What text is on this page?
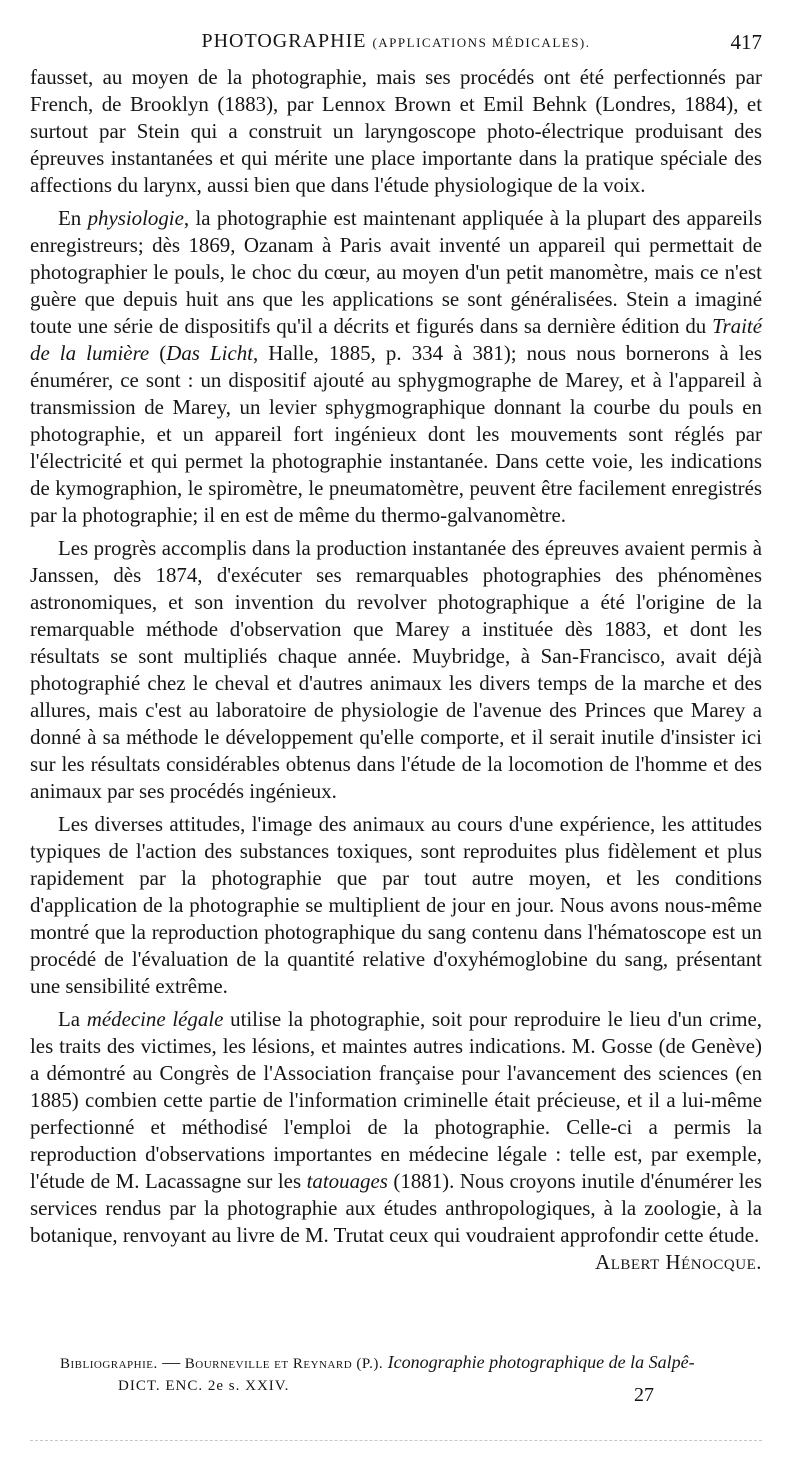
PHOTOGRAPHIE (APPLICATIONS MÉDICALES).	417

fausset, au moyen de la photographie, mais ses procédés ont été perfectionnés par French, de Brooklyn (1883), par Lennox Brown et Emil Behnk (Londres, 1884), et surtout par Stein qui a construit un laryngoscope photo-électrique produisant des épreuves instantanées et qui mérite une place importante dans la pratique spéciale des affections du larynx, aussi bien que dans l'étude physiologique de la voix.

En physiologie, la photographie est maintenant appliquée à la plupart des appareils enregistreurs; dès 1869, Ozanam à Paris avait inventé un appareil qui permettait de photographier le pouls, le choc du cœur, au moyen d'un petit manomètre, mais ce n'est guère que depuis huit ans que les applications se sont généralisées. Stein a imaginé toute une série de dispositifs qu'il a décrits et figurés dans sa dernière édition du Traité de la lumière (Das Licht, Halle, 1885, p. 334 à 381); nous nous bornerons à les énumérer, ce sont : un dispositif ajouté au sphygmographe de Marey, et à l'appareil à transmission de Marey, un levier sphygmographique donnant la courbe du pouls en photographie, et un appareil fort ingénieux dont les mouvements sont réglés par l'électricité et qui permet la photographie instantanée. Dans cette voie, les indications de kymographion, le spiromètre, le pneumatomètre, peuvent être facilement enregistrés par la photographie; il en est de même du thermo-galvanomètre.

Les progrès accomplis dans la production instantanée des épreuves avaient permis à Janssen, dès 1874, d'exécuter ses remarquables photographies des phénomènes astronomiques, et son invention du revolver photographique a été l'origine de la remarquable méthode d'observation que Marey a instituée dès 1883, et dont les résultats se sont multipliés chaque année. Muybridge, à San-Francisco, avait déjà photographié chez le cheval et d'autres animaux les divers temps de la marche et des allures, mais c'est au laboratoire de physiologie de l'avenue des Princes que Marey a donné à sa méthode le développement qu'elle comporte, et il serait inutile d'insister ici sur les résultats considérables obtenus dans l'étude de la locomotion de l'homme et des animaux par ses procédés ingénieux.

Les diverses attitudes, l'image des animaux au cours d'une expérience, les attitudes typiques de l'action des substances toxiques, sont reproduites plus fidèlement et plus rapidement par la photographie que par tout autre moyen, et les conditions d'application de la photographie se multiplient de jour en jour. Nous avons nous-même montré que la reproduction photographique du sang contenu dans l'hématoscope est un procédé de l'évaluation de la quantité relative d'oxyhémoglobine du sang, présentant une sensibilité extrême.

La médecine légale utilise la photographie, soit pour reproduire le lieu d'un crime, les traits des victimes, les lésions, et maintes autres indications. M. Gosse (de Genève) a démontré au Congrès de l'Association française pour l'avancement des sciences (en 1885) combien cette partie de l'information criminelle était précieuse, et il a lui-même perfectionné et méthodisé l'emploi de la photographie. Celle-ci a permis la reproduction d'observations importantes en médecine légale : telle est, par exemple, l'étude de M. Lacassagne sur les tatouages (1881). Nous croyons inutile d'énumérer les services rendus par la photographie aux études anthropologiques, à la zoologie, à la botanique, renvoyant au livre de M. Trutat ceux qui voudraient approfondir cette étude.
Albert Hénocque.

Bibliographie. — Bourneville et Reynard (P.). Iconographie photographique de la Salpê-
DICT. ENC. 2e s. XXIV.	27
